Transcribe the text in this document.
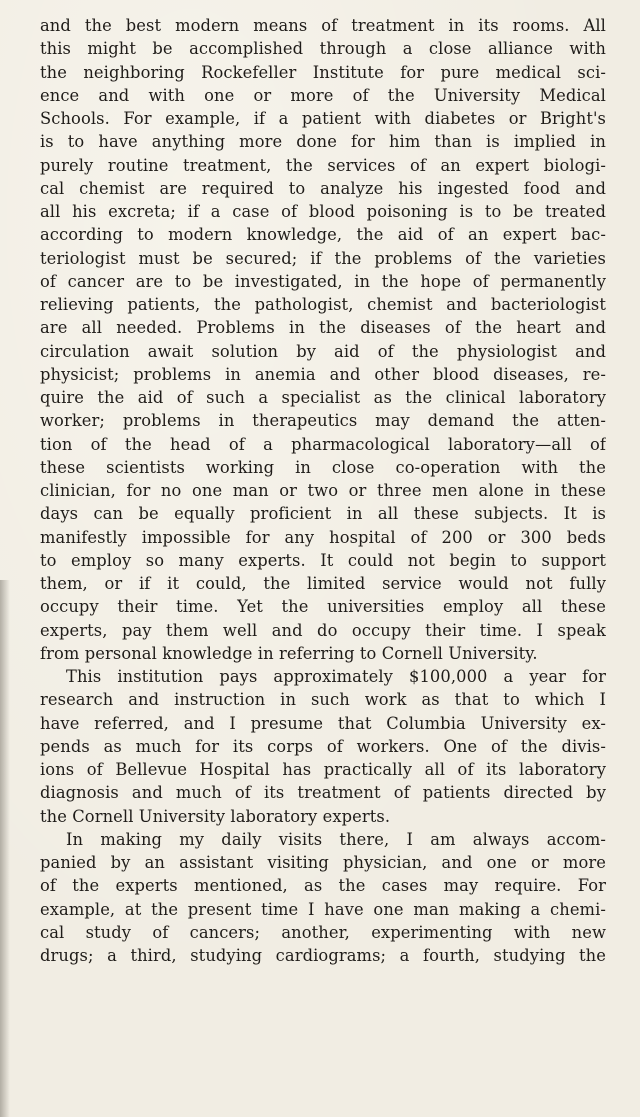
and the best modern means of treatment in its rooms. All
this might be accomplished through a close alliance with
the neighboring Rockefeller Institute for pure medical sci-
ence and with one or more of the University Medical
Schools. For example, if a patient with diabetes or Bright's
is to have anything more done for him than is implied in
purely routine treatment, the services of an expert biologi-
cal chemist are required to analyze his ingested food and
all his excreta; if a case of blood poisoning is to be treated
according to modern knowledge, the aid of an expert bac-
teriologist must be secured; if the problems of the varieties
of cancer are to be investigated, in the hope of permanently
relieving patients, the pathologist, chemist and bacteriologist
are all needed. Problems in the diseases of the heart and
circulation await solution by aid of the physiologist and
physicist; problems in anemia and other blood diseases, re-
quire the aid of such a specialist as the clinical laboratory
worker; problems in therapeutics may demand the atten-
tion of the head of a pharmacological laboratory—all of
these scientists working in close co-operation with the
clinician, for no one man or two or three men alone in these
days can be equally proficient in all these subjects. It is
manifestly impossible for any hospital of 200 or 300 beds
to employ so many experts. It could not begin to support
them, or if it could, the limited service would not fully
occupy their time. Yet the universities employ all these
experts, pay them well and do occupy their time. I speak
from personal knowledge in referring to Cornell University.
This institution pays approximately $100,000 a year for
research and instruction in such work as that to which I
have referred, and I presume that Columbia University ex-
pends as much for its corps of workers. One of the divis-
ions of Bellevue Hospital has practically all of its laboratory
diagnosis and much of its treatment of patients directed by
the Cornell University laboratory experts.
In making my daily visits there, I am always accom-
panied by an assistant visiting physician, and one or more
of the experts mentioned, as the cases may require. For
example, at the present time I have one man making a chemi-
cal study of cancers; another, experimenting with new
drugs; a third, studying cardiograms; a fourth, studying the
